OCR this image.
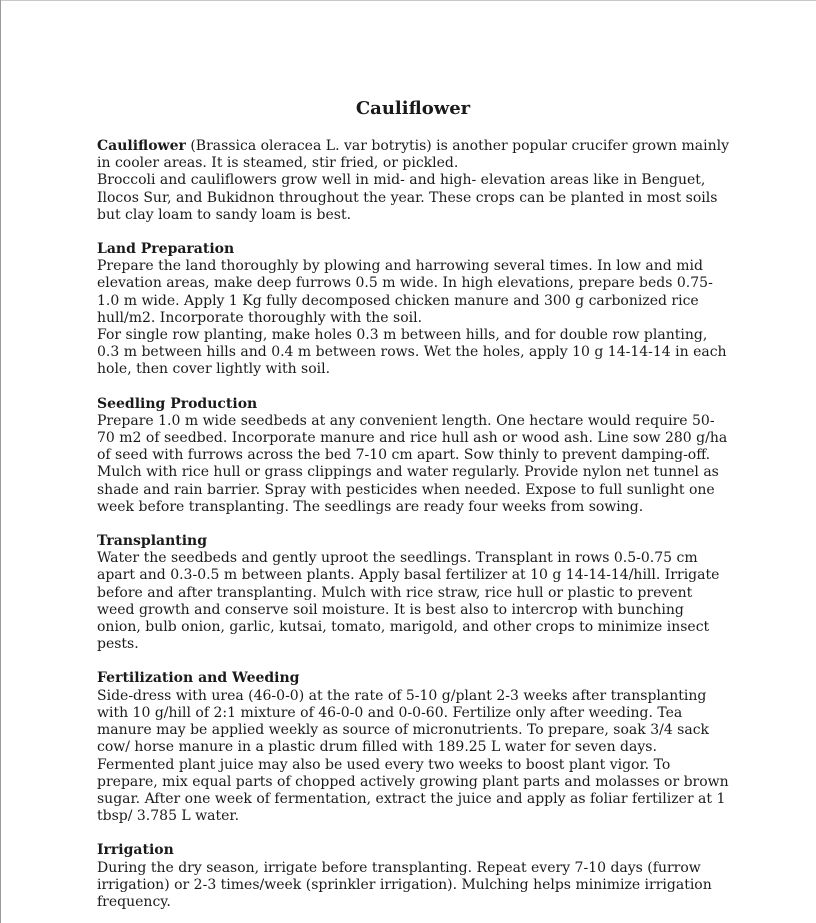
Cauliflower

Cauliflower (Brassica oleracea L. var botrytis) is another popular crucifer grown mainly in cooler areas. It is steamed, stir fried, or pickled.

Broccoli and cauliflowers grow well in mid- and high- elevation areas like in Benguet, Ilocos Sur, and Bukidnon throughout the year. These crops can be planted in most soils but clay loam to sandy loam is best.

Land Preparation

Prepare the land thoroughly by plowing and harrowing several times. In low and mid elevation areas, make deep furrows 0.5 m wide. In high elevations, prepare beds 0.75-1.0 m wide. Apply 1 Kg fully decomposed chicken manure and 300 g carbonized rice hull/m2. Incorporate thoroughly with the soil.

For single row planting, make holes 0.3 m between hills, and for double row planting, 0.3 m between hills and 0.4 m between rows. Wet the holes, apply 10 g 14-14-14 in each hole, then cover lightly with soil.

Seedling Production

Prepare 1.0 m wide seedbeds at any convenient length. One hectare would require 50-70 m2 of seedbed. Incorporate manure and rice hull ash or wood ash. Line sow 280 g/ha of seed with furrows across the bed 7-10 cm apart. Sow thinly to prevent damping-off. Mulch with rice hull or grass clippings and water regularly. Provide nylon net tunnel as shade and rain barrier. Spray with pesticides when needed. Expose to full sunlight one week before transplanting. The seedlings are ready four weeks from sowing.

Transplanting

Water the seedbeds and gently uproot the seedlings. Transplant in rows 0.5-0.75 cm apart and 0.3-0.5 m between plants. Apply basal fertilizer at 10 g 14-14-14/hill. Irrigate before and after transplanting. Mulch with rice straw, rice hull or plastic to prevent weed growth and conserve soil moisture. It is best also to intercrop with bunching onion, bulb onion, garlic, kutsai, tomato, marigold, and other crops to minimize insect pests.

Fertilization and Weeding

Side-dress with urea (46-0-0) at the rate of 5-10 g/plant 2-3 weeks after transplanting with 10 g/hill of 2:1 mixture of 46-0-0 and 0-0-60. Fertilize only after weeding. Tea manure may be applied weekly as source of micronutrients. To prepare, soak 3/4 sack cow/ horse manure in a plastic drum filled with 189.25 L water for seven days. Fermented plant juice may also be used every two weeks to boost plant vigor. To prepare, mix equal parts of chopped actively growing plant parts and molasses or brown sugar. After one week of fermentation, extract the juice and apply as foliar fertilizer at 1 tbsp/ 3.785 L water.

Irrigation

During the dry season, irrigate before transplanting. Repeat every 7-10 days (furrow irrigation) or 2-3 times/week (sprinkler irrigation). Mulching helps minimize irrigation frequency.
